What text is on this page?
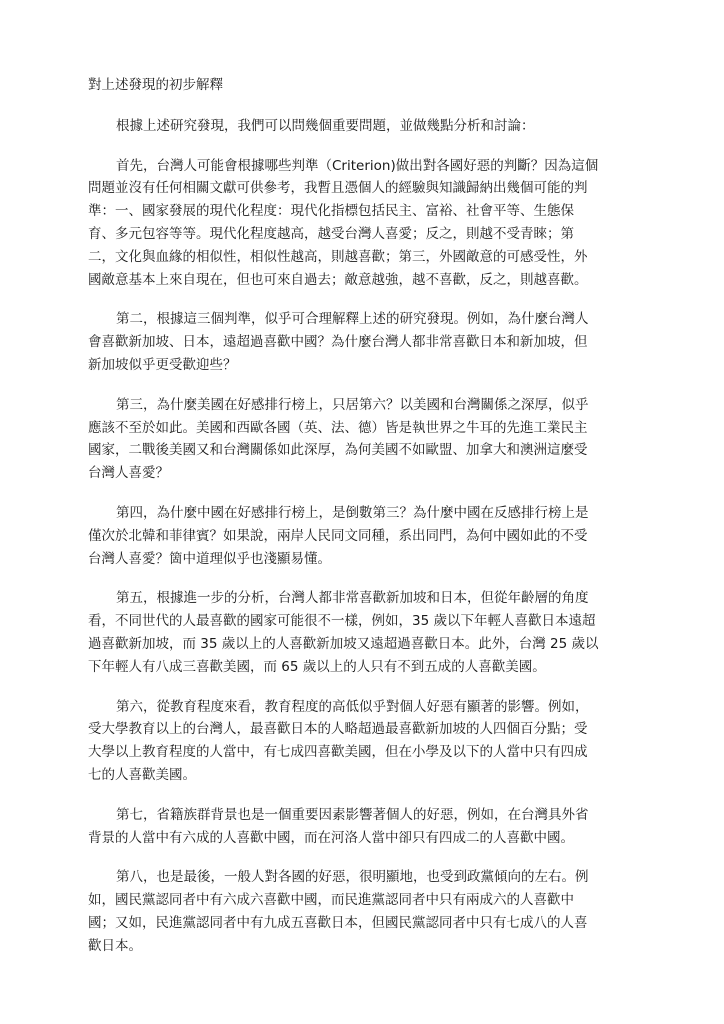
對上述發現的初步解釋

根據上述研究發現，我們可以問幾個重要問題，並做幾點分析和討論：

首先，台灣人可能會根據哪些判準（Criterion)做出對各國好惡的判斷？因為這個
問題並沒有任何相關文獻可供參考，我暫且憑個人的經驗與知識歸納出幾個可能的判
準：一、國家發展的現代化程度：現代化指標包括民主、富裕、社會平等、生態保
育、多元包容等等。現代化程度越高，越受台灣人喜愛；反之，則越不受青睞；第
二，文化與血緣的相似性，相似性越高，則越喜歡；第三，外國敵意的可感受性，外
國敵意基本上來自現在，但也可來自過去；敵意越強，越不喜歡，反之，則越喜歡。

第二，根據這三個判準，似乎可合理解釋上述的研究發現。例如，為什麼台灣人
會喜歡新加坡、日本，遠超過喜歡中國？為什麼台灣人都非常喜歡日本和新加坡，但
新加坡似乎更受歡迎些？

第三，為什麼美國在好感排行榜上，只居第六？以美國和台灣關係之深厚，似乎
應該不至於如此。美國和西歐各國（英、法、德）皆是執世界之牛耳的先進工業民主
國家，二戰後美國又和台灣關係如此深厚，為何美國不如歐盟、加拿大和澳洲這麼受
台灣人喜愛？

第四，為什麼中國在好感排行榜上，是倒數第三？為什麼中國在反感排行榜上是
僅次於北韓和菲律賓？如果說，兩岸人民同文同種，系出同門，為何中國如此的不受
台灣人喜愛？箇中道理似乎也淺顯易懂。

第五，根據進一步的分析，台灣人都非常喜歡新加坡和日本，但從年齡層的角度
看，不同世代的人最喜歡的國家可能很不一樣，例如，35 歲以下年輕人喜歡日本遠超
過喜歡新加坡，而 35 歲以上的人喜歡新加坡又遠超過喜歡日本。此外，台灣 25 歲以
下年輕人有八成三喜歡美國，而 65 歲以上的人只有不到五成的人喜歡美國。

第六，從教育程度來看，教育程度的高低似乎對個人好惡有顯著的影響。例如，
受大學教育以上的台灣人，最喜歡日本的人略超過最喜歡新加坡的人四個百分點；受
大學以上教育程度的人當中，有七成四喜歡美國，但在小學及以下的人當中只有四成
七的人喜歡美國。

第七，省籍族群背景也是一個重要因素影響著個人的好惡，例如，在台灣具外省
背景的人當中有六成的人喜歡中國，而在河洛人當中卻只有四成二的人喜歡中國。

第八，也是最後，一般人對各國的好惡，很明顯地，也受到政黨傾向的左右。例
如，國民黨認同者中有六成六喜歡中國，而民進黨認同者中只有兩成六的人喜歡中
國；又如，民進黨認同者中有九成五喜歡日本，但國民黨認同者中只有七成八的人喜
歡日本。
